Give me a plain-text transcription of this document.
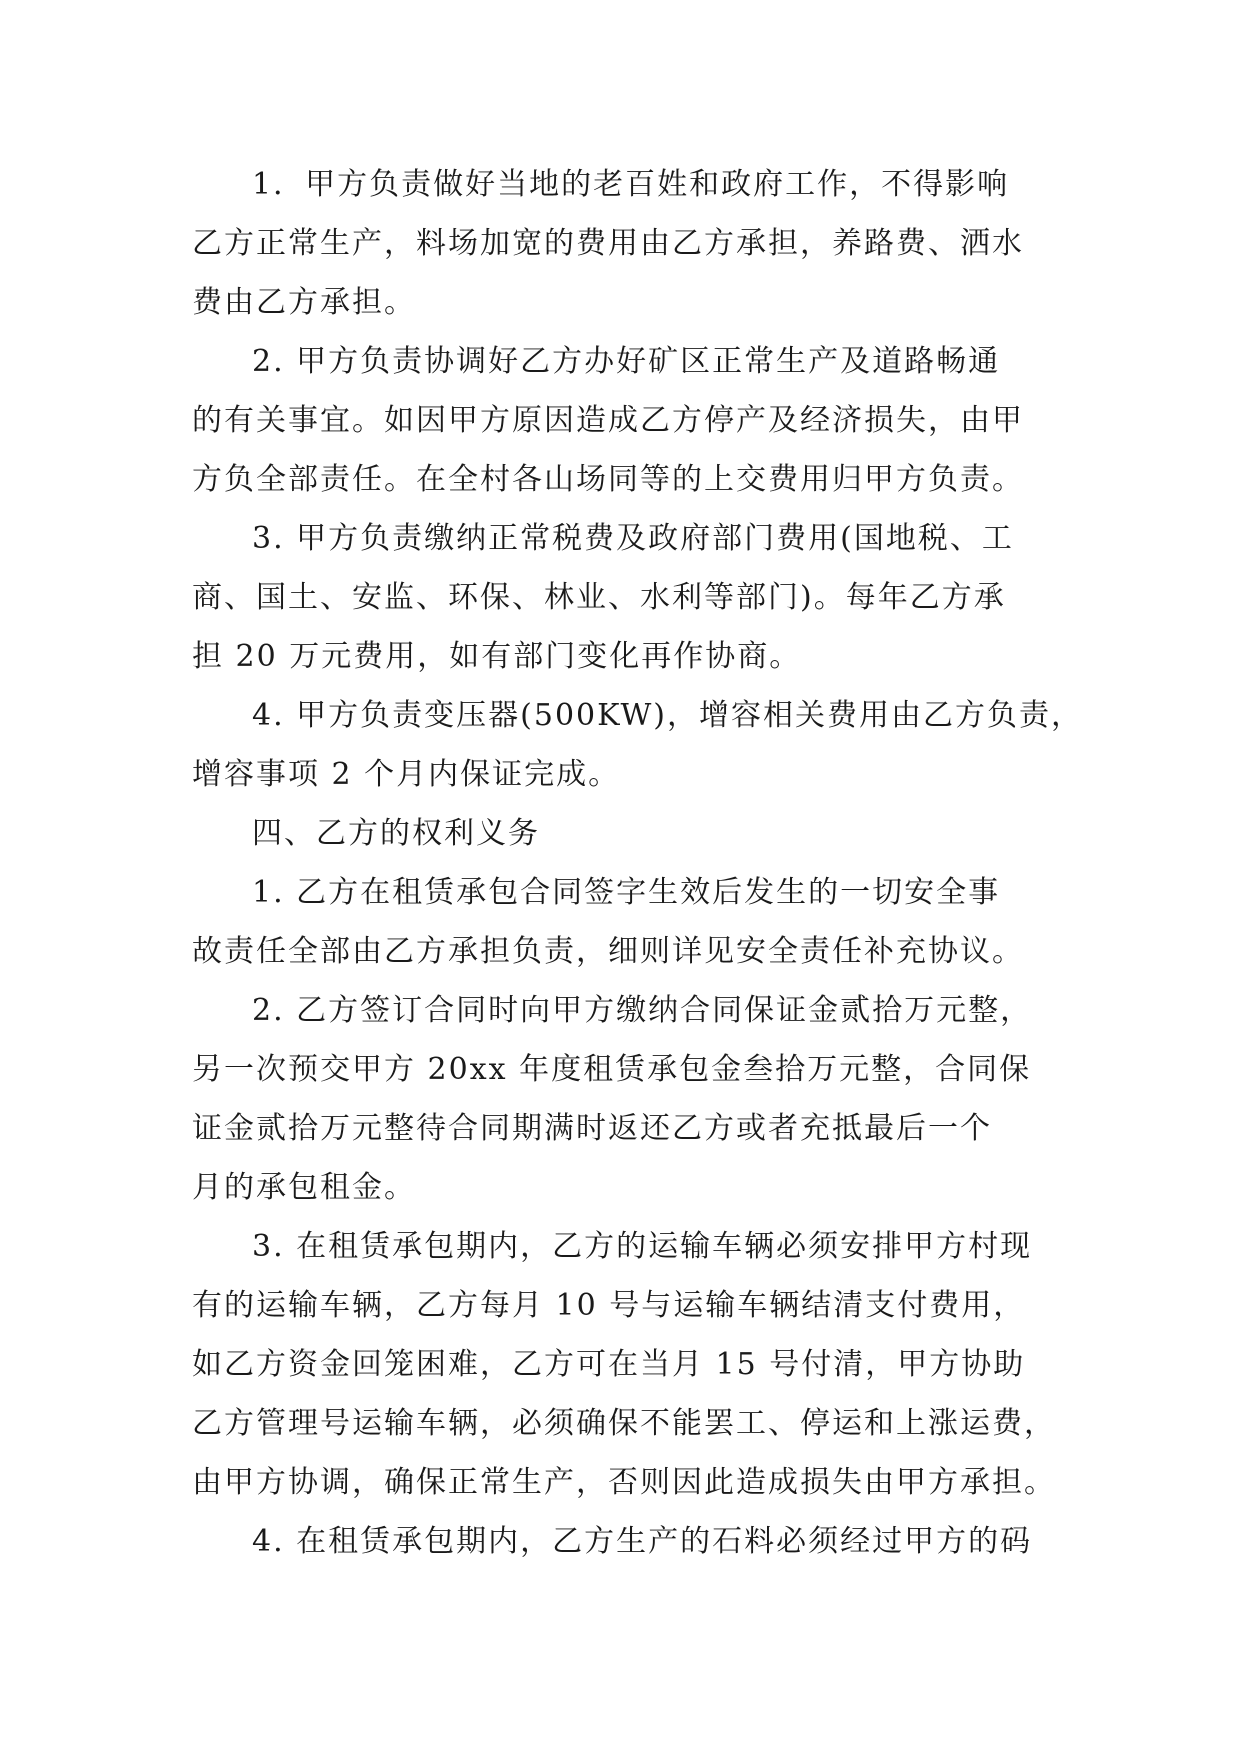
1．甲方负责做好当地的老百姓和政府工作，不得影响
乙方正常生产，料场加宽的费用由乙方承担，养路费、洒水
费由乙方承担。
2. 甲方负责协调好乙方办好矿区正常生产及道路畅通
的有关事宜。如因甲方原因造成乙方停产及经济损失，由甲
方负全部责任。在全村各山场同等的上交费用归甲方负责。
3. 甲方负责缴纳正常税费及政府部门费用(国地税、工
商、国土、安监、环保、林业、水利等部门)。每年乙方承
担 20 万元费用，如有部门变化再作协商。
4. 甲方负责变压器(500KW)，增容相关费用由乙方负责，
增容事项 2 个月内保证完成。
四、乙方的权利义务
1. 乙方在租赁承包合同签字生效后发生的一切安全事
故责任全部由乙方承担负责，细则详见安全责任补充协议。
2. 乙方签订合同时向甲方缴纳合同保证金贰拾万元整，
另一次预交甲方 20xx 年度租赁承包金叁拾万元整，合同保
证金贰拾万元整待合同期满时返还乙方或者充抵最后一个
月的承包租金。
3. 在租赁承包期内，乙方的运输车辆必须安排甲方村现
有的运输车辆，乙方每月 10 号与运输车辆结清支付费用，
如乙方资金回笼困难，乙方可在当月 15 号付清，甲方协助
乙方管理号运输车辆，必须确保不能罢工、停运和上涨运费，
由甲方协调，确保正常生产，否则因此造成损失由甲方承担。
4. 在租赁承包期内，乙方生产的石料必须经过甲方的码
